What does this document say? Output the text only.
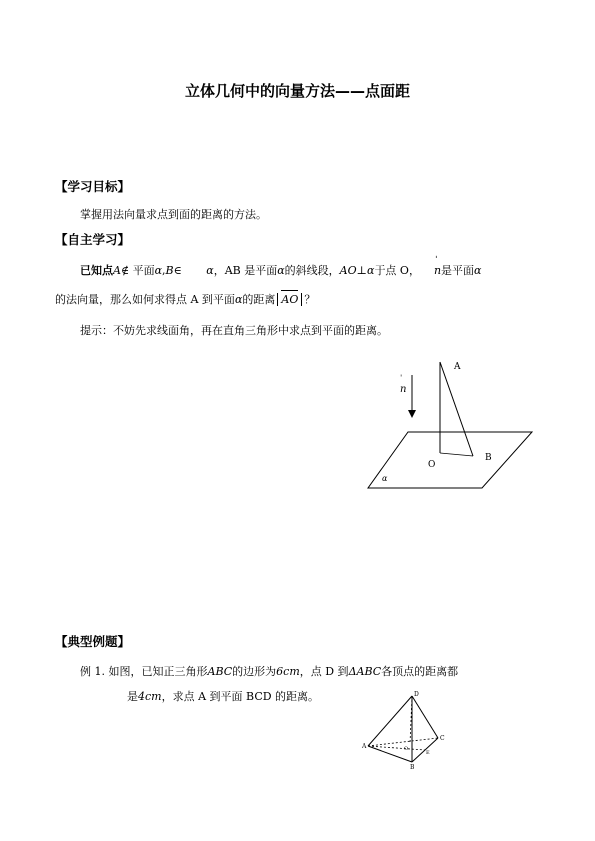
立体几何中的向量方法——点面距
【学习目标】
掌握用法向量求点到面的距离的方法。
【自主学习】
已知点A∉ 平面α,B∈ α，AB 是平面α的斜线段，AO⊥α于点 O，
ˈ
n是平面α
的法向量，那么如何求得点 A 到平面α的距离 AO ？
提示：不妨先求线面角，再在直角三角形中求点到平面的距离。
A
B
O
n
ˈ
α
【典型例题】
例 1. 如图，已知正三角形ABC的边形为6cm，点 D 到ΔABC各顶点的距离都
是4cm，求点 A 到平面 BCD 的距离。	D
A
B
C
O
E
